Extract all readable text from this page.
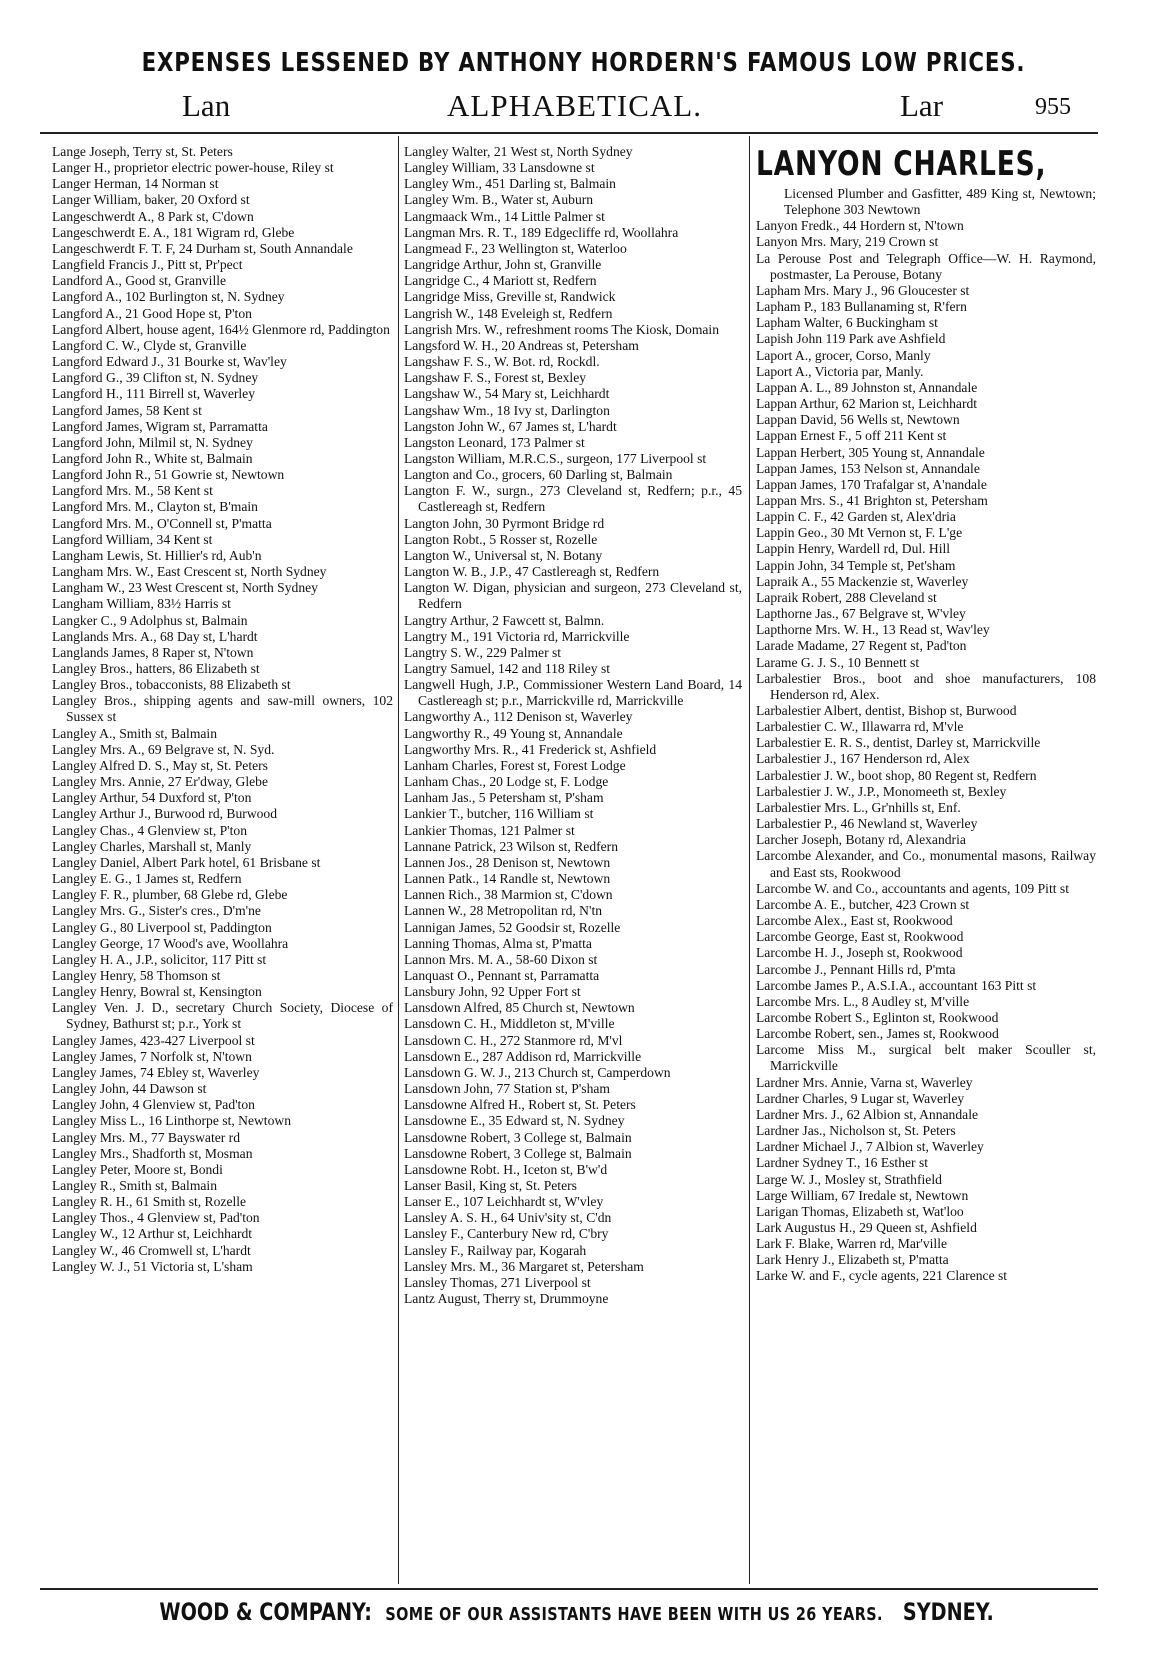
EXPENSES LESSENED BY ANTHONY HORDERN'S FAMOUS LOW PRICES.
Lan	ALPHABETICAL.	Lar	955
Lange Joseph, Terry st, St. Peters
Langer H., proprietor electric power-house, Riley st
Langer Herman, 14 Norman st
Langer William, baker, 20 Oxford st
Langeschwerdt A., 8 Park st, C'down
Langeschwerdt E. A., 181 Wigram rd, Glebe
Langeschwerdt F. T. F, 24 Durham st, South Annandale
Langfield Francis J., Pitt st, Pr'pect
Landford A., Good st, Granville
Langford A., 102 Burlington st, N. Sydney
Langford A., 21 Good Hope st, P'ton
Langford Albert, house agent, 164½ Glenmore rd, Paddington
Langford C. W., Clyde st, Granville
Langford Edward J., 31 Bourke st, Wav'ley
Langford G., 39 Clifton st, N. Sydney
Langford H., 111 Birrell st, Waverley
Langford James, 58 Kent st
Langford James, Wigram st, Parramatta
Langford John, Milmil st, N. Sydney
Langford John R., White st, Balmain
Langford John R., 51 Gowrie st, Newtown
Langford Mrs. M., 58 Kent st
Langford Mrs. M., Clayton st, B'main
Langford Mrs. M., O'Connell st, P'matta
Langford William, 34 Kent st
Langham Lewis, St. Hillier's rd, Aub'n
Langham Mrs. W., East Crescent st, North Sydney
Langham W., 23 West Crescent st, North Sydney
Langham William, 83½ Harris st
Langker C., 9 Adolphus st, Balmain
Langlands Mrs. A., 68 Day st, L'hardt
Langlands James, 8 Raper st, N'town
Langley Bros., hatters, 86 Elizabeth st
Langley Bros., tobacconists, 88 Elizabeth st
Langley Bros., shipping agents and saw-mill owners, 102 Sussex st
Langley A., Smith st, Balmain
Langley Mrs. A., 69 Belgrave st, N. Syd.
Langley Alfred D. S., May st, St. Peters
Langley Mrs. Annie, 27 Er'dway, Glebe
Langley Arthur, 54 Duxford st, P'ton
Langley Arthur J., Burwood rd, Burwood
Langley Chas., 4 Glenview st, P'ton
Langley Charles, Marshall st, Manly
Langley Daniel, Albert Park hotel, 61 Brisbane st
Langley E. G., 1 James st, Redfern
Langley F. R., plumber, 68 Glebe rd, Glebe
Langley Mrs. G., Sister's cres., D'm'ne
Langley G., 80 Liverpool st, Paddington
Langley George, 17 Wood's ave, Woollahra
Langley H. A., J.P., solicitor, 117 Pitt st
Langley Henry, 58 Thomson st
Langley Henry, Bowral st, Kensington
Langley Ven. J. D., secretary Church Society, Diocese of Sydney, Bathurst st; p.r., York st
Langley James, 423-427 Liverpool st
Langley James, 7 Norfolk st, N'town
Langley James, 74 Ebley st, Waverley
Langley John, 44 Dawson st
Langley John, 4 Glenview st, Pad'ton
Langley Miss L., 16 Linthorpe st, Newtown
Langley Mrs. M., 77 Bayswater rd
Langley Mrs., Shadforth st, Mosman
Langley Peter, Moore st, Bondi
Langley R., Smith st, Balmain
Langley R. H., 61 Smith st, Rozelle
Langley Thos., 4 Glenview st, Pad'ton
Langley W., 12 Arthur st, Leichhardt
Langley W., 46 Cromwell st, L'hardt
Langley W. J., 51 Victoria st, L'sham
Langley Walter, 21 West st, North Sydney
Langley William, 33 Lansdowne st
Langley Wm., 451 Darling st, Balmain
Langley Wm. B., Water st, Auburn
Langmaack Wm., 14 Little Palmer st
Langman Mrs. R. T., 189 Edgecliffe rd, Woollahra
Langmead F., 23 Wellington st, Waterloo
Langridge Arthur, John st, Granville
Langridge C., 4 Mariott st, Redfern
Langridge Miss, Greville st, Randwick
Langrish W., 148 Eveleigh st, Redfern
Langrish Mrs. W., refreshment rooms The Kiosk, Domain
Langsford W. H., 20 Andreas st, Petersham
Langshaw F. S., W. Bot. rd, Rockdl.
Langshaw F. S., Forest st, Bexley
Langshaw W., 54 Mary st, Leichhardt
Langshaw Wm., 18 Ivy st, Darlington
Langston John W., 67 James st, L'hardt
Langston Leonard, 173 Palmer st
Langston William, M.R.C.S., surgeon, 177 Liverpool st
Langton and Co., grocers, 60 Darling st, Balmain
Langton F. W., surgn., 273 Cleveland st, Redfern; p.r., 45 Castlereagh st, Redfern
Langton John, 30 Pyrmont Bridge rd
Langton Robt., 5 Rosser st, Rozelle
Langton W., Universal st, N. Botany
Langton W. B., J.P., 47 Castlereagh st, Redfern
Langton W. Digan, physician and surgeon, 273 Cleveland st, Redfern
Langtry Arthur, 2 Fawcett st, Balmn.
Langtry M., 191 Victoria rd, Marrickville
Langtry S. W., 229 Palmer st
Langtry Samuel, 142 and 118 Riley st
Langwell Hugh, J.P., Commissioner Western Land Board, 14 Castlereagh st; p.r., Marrickville rd, Marrickville
Langworthy A., 112 Denison st, Waverley
Langworthy R., 49 Young st, Annandale
Langworthy Mrs. R., 41 Frederick st, Ashfield
Lanham Charles, Forest st, Forest Lodge
Lanham Chas., 20 Lodge st, F. Lodge
Lanham Jas., 5 Petersham st, P'sham
Lankier T., butcher, 116 William st
Lankier Thomas, 121 Palmer st
Lannane Patrick, 23 Wilson st, Redfern
Lannen Jos., 28 Denison st, Newtown
Lannen Patk., 14 Randle st, Newtown
Lannen Rich., 38 Marmion st, C'down
Lannen W., 28 Metropolitan rd, N'tn
Lannigan James, 52 Goodsir st, Rozelle
Lanning Thomas, Alma st, P'matta
Lannon Mrs. M. A., 58-60 Dixon st
Lanquast O., Pennant st, Parramatta
Lansbury John, 92 Upper Fort st
Lansdown Alfred, 85 Church st, Newtown
Lansdown C. H., Middleton st, M'ville
Lansdown C. H., 272 Stanmore rd, M'vl
Lansdown E., 287 Addison rd, Marrickville
Lansdown G. W. J., 213 Church st, Camperdown
Lansdown John, 77 Station st, P'sham
Lansdowne Alfred H., Robert st, St. Peters
Lansdowne E., 35 Edward st, N. Sydney
Lansdowne Robert, 3 College st, Balmain
Lansdowne Robert, 3 College st, Balmain
Lansdowne Robt. H., Iceton st, B'w'd
Lanser Basil, King st, St. Peters
Lanser E., 107 Leichhardt st, W'vley
Lansley A. S. H., 64 Univ'sity st, C'dn
Lansley F., Canterbury New rd, C'bry
Lansley F., Railway par, Kogarah
Lansley Mrs. M., 36 Margaret st, Petersham
Lansley Thomas, 271 Liverpool st
Lantz August, Therry st, Drummoyne
LANYON CHARLES,
Licensed Plumber and Gasfitter, 489 King st, Newtown; Telephone 303 Newtown
Lanyon Fredk., 44 Hordern st, N'town
Lanyon Mrs. Mary, 219 Crown st
La Perouse Post and Telegraph Office—W. H. Raymond, postmaster, La Perouse, Botany
Lapham Mrs. Mary J., 96 Gloucester st
Lapham P., 183 Bullanaming st, R'fern
Lapham Walter, 6 Buckingham st
Lapish John 119 Park ave Ashfield
Laport A., grocer, Corso, Manly
Laport A., Victoria par, Manly.
Lappan A. L., 89 Johnston st, Annandale
Lappan Arthur, 62 Marion st, Leichhardt
Lappan David, 56 Wells st, Newtown
Lappan Ernest F., 5 off 211 Kent st
Lappan Herbert, 305 Young st, Annandale
Lappan James, 153 Nelson st, Annandale
Lappan James, 170 Trafalgar st, A'nandale
Lappan Mrs. S., 41 Brighton st, Petersham
Lappin C. F., 42 Garden st, Alex'dria
Lappin Geo., 30 Mt Vernon st, F. L'ge
Lappin Henry, Wardell rd, Dul. Hill
Lappin John, 34 Temple st, Pet'sham
Lapraik A., 55 Mackenzie st, Waverley
Lapraik Robert, 288 Cleveland st
Lapthorne Jas., 67 Belgrave st, W'vley
Lapthorne Mrs. W. H., 13 Read st, Wav'ley
Larade Madame, 27 Regent st, Pad'ton
Larame G. J. S., 10 Bennett st
Larbalestier Bros., boot and shoe manufacturers, 108 Henderson rd, Alex.
Larbalestier Albert, dentist, Bishop st, Burwood
Larbalestier C. W., Illawarra rd, M'vle
Larbalestier E. R. S., dentist, Darley st, Marrickville
Larbalestier J., 167 Henderson rd, Alex
Larbalestier J. W., boot shop, 80 Regent st, Redfern
Larbalestier J. W., J.P., Monomeeth st, Bexley
Larbalestier Mrs. L., Gr'nhills st, Enf.
Larbalestier P., 46 Newland st, Waverley
Larcher Joseph, Botany rd, Alexandria
Larcombe Alexander, and Co., monumental masons, Railway and East sts, Rookwood
Larcombe W. and Co., accountants and agents, 109 Pitt st
Larcombe A. E., butcher, 423 Crown st
Larcombe Alex., East st, Rookwood
Larcombe George, East st, Rookwood
Larcombe H. J., Joseph st, Rookwood
Larcombe J., Pennant Hills rd, P'mta
Larcombe James P., A.S.I.A., accountant 163 Pitt st
Larcombe Mrs. L., 8 Audley st, M'ville
Larcombe Robert S., Eglinton st, Rookwood
Larcombe Robert, sen., James st, Rookwood
Larcome Miss M., surgical belt maker Scouller st, Marrickville
Lardner Mrs. Annie, Varna st, Waverley
Lardner Charles, 9 Lugar st, Waverley
Lardner Mrs. J., 62 Albion st, Annandale
Lardner Jas., Nicholson st, St. Peters
Lardner Michael J., 7 Albion st, Waverley
Lardner Sydney T., 16 Esther st
Large W. J., Mosley st, Strathfield
Large William, 67 Iredale st, Newtown
Larigan Thomas, Elizabeth st, Wat'loo
Lark Augustus H., 29 Queen st, Ashfield
Lark F. Blake, Warren rd, Mar'ville
Lark Henry J., Elizabeth st, P'matta
Larke W. and F., cycle agents, 221 Clarence st
WOOD & COMPANY: SOME OF OUR ASSISTANTS HAVE BEEN WITH US 26 YEARS. SYDNEY.
